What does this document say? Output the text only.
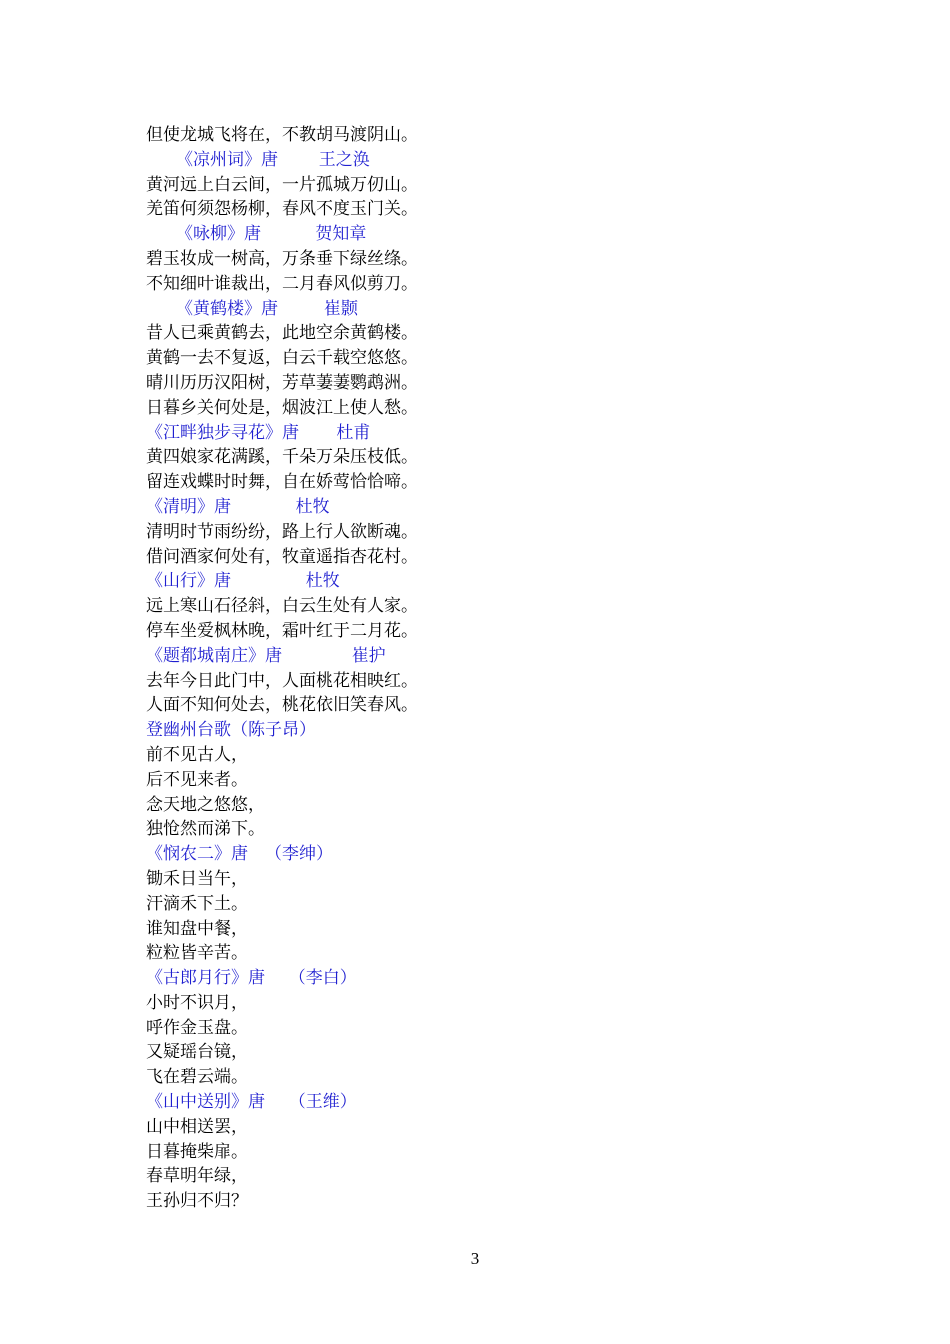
但使龙城飞将在，不教胡马渡阴山。
《凉州词》唐 王之涣
黄河远上白云间，一片孤城万仞山。
羌笛何须怨杨柳，春风不度玉门关。
《咏柳》唐	贺知章
碧玉妆成一树高，万条垂下绿丝绦。
不知细叶谁裁出，二月春风似剪刀。
《黄鹤楼》唐	崔颢
昔人已乘黄鹤去，此地空余黄鹤楼。
黄鹤一去不复返，白云千载空悠悠。
晴川历历汉阳树，芳草萋萋鹦鹉洲。
日暮乡关何处是，烟波江上使人愁。
《江畔独步寻花》唐 杜甫
黄四娘家花满蹊，千朵万朵压枝低。
留连戏蝶时时舞，自在娇莺恰恰啼。
《清明》唐	杜牧
清明时节雨纷纷，路上行人欲断魂。
借问酒家何处有，牧童遥指杏花村。
《山行》唐	杜牧
远上寒山石径斜，白云生处有人家。
停车坐爱枫林晚，霜叶红于二月花。
《题都城南庄》唐	崔护
去年今日此门中，人面桃花相映红。
人面不知何处去，桃花依旧笑春风。
登幽州台歌（陈子昂）
前不见古人，
后不见来者。
念天地之悠悠，
独怆然而涕下。
《悯农二》唐 （李绅）
锄禾日当午，
汗滴禾下土。
谁知盘中餐，
粒粒皆辛苦。
《古郎月行》唐 （李白）
小时不识月，
呼作金玉盘。
又疑瑶台镜，
飞在碧云端。
《山中送别》唐 （王维）
山中相送罢，
日暮掩柴扉。
春草明年绿，
王孙归不归？
3
